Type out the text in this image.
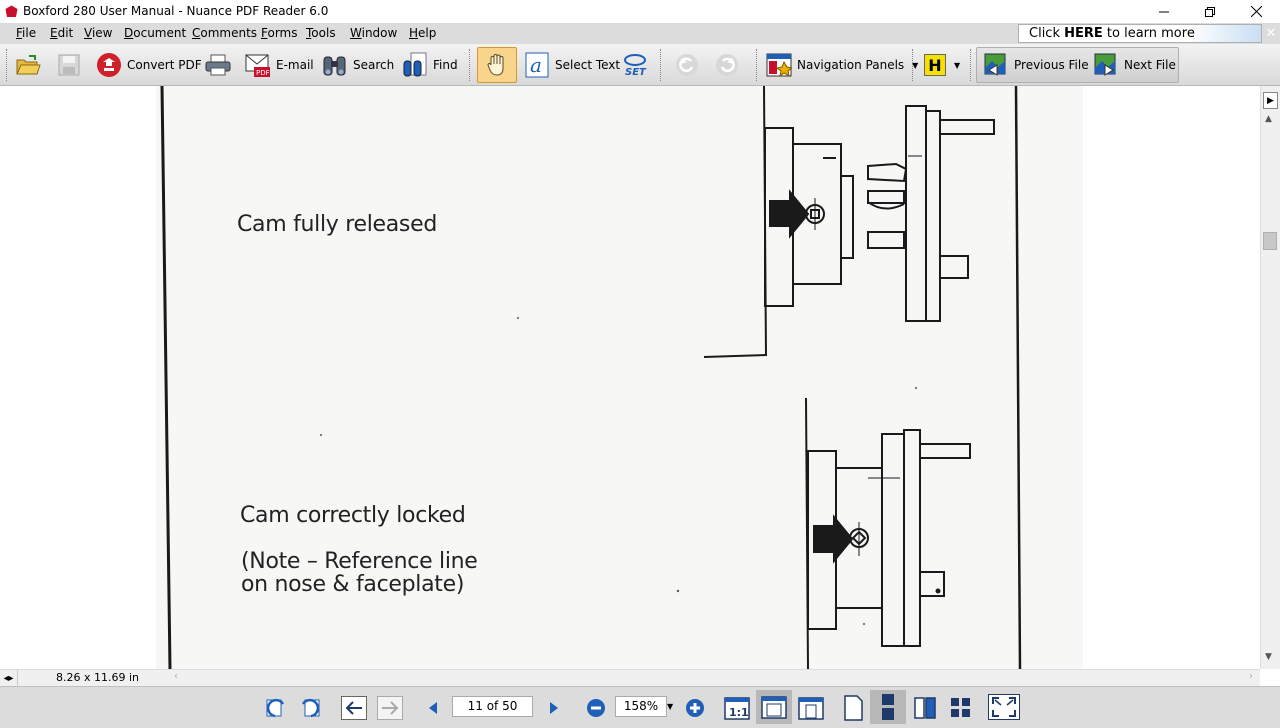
Boxford 280 User Manual - Nuance PDF Reader 6.0
File Edit View Document Comments Forms Tools Window Help	Click HERE to learn more	✕
Convert PDF
PDF
E-mail	Search	Find	a Select Text
SET
Navigation Panels ▼ H	▼	Previous File	Next File
Cam fully released
Cam correctly locked
(Note – Reference line
on nose & faceplate)
▶
▲
▼
◂▸	8.26 x 11.69 in	‹	›
11 of 50	158%	▼	1:1
